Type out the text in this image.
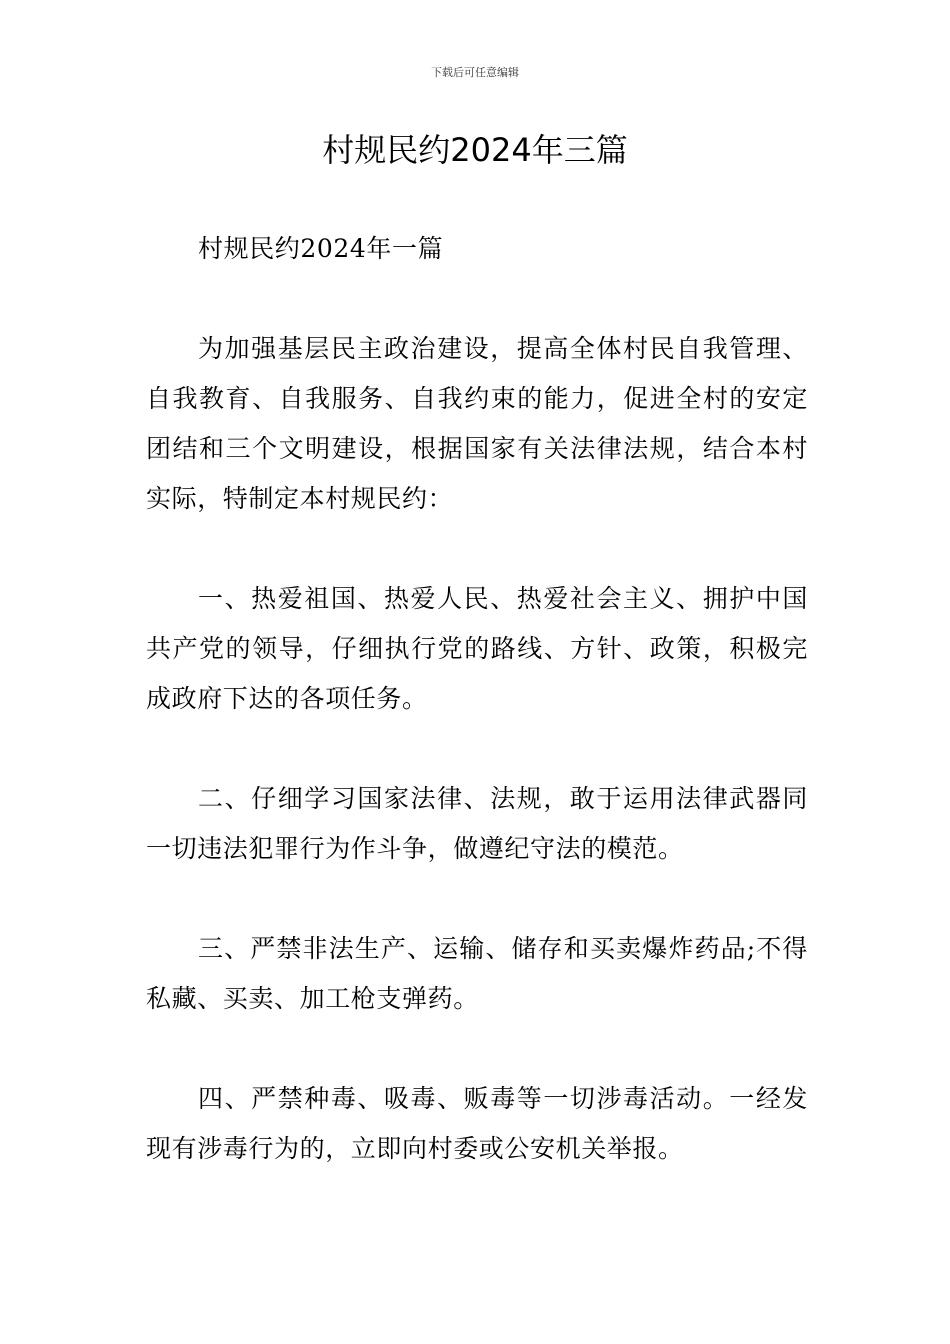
下载后可任意编辑
村规民约2024年三篇

村规民约2024年一篇

为加强基层民主政治建设，提高全体村民自我管理、自我教育、自我服务、自我约束的能力，促进全村的安定团结和三个文明建设，根据国家有关法律法规，结合本村实际，特制定本村规民约：

一、热爱祖国、热爱人民、热爱社会主义、拥护中国共产党的领导，仔细执行党的路线、方针、政策，积极完成政府下达的各项任务。

二、仔细学习国家法律、法规，敢于运用法律武器同一切违法犯罪行为作斗争，做遵纪守法的模范。

三、严禁非法生产、运输、储存和买卖爆炸药品;不得私藏、买卖、加工枪支弹药。

四、严禁种毒、吸毒、贩毒等一切涉毒活动。一经发现有涉毒行为的，立即向村委或公安机关举报。
